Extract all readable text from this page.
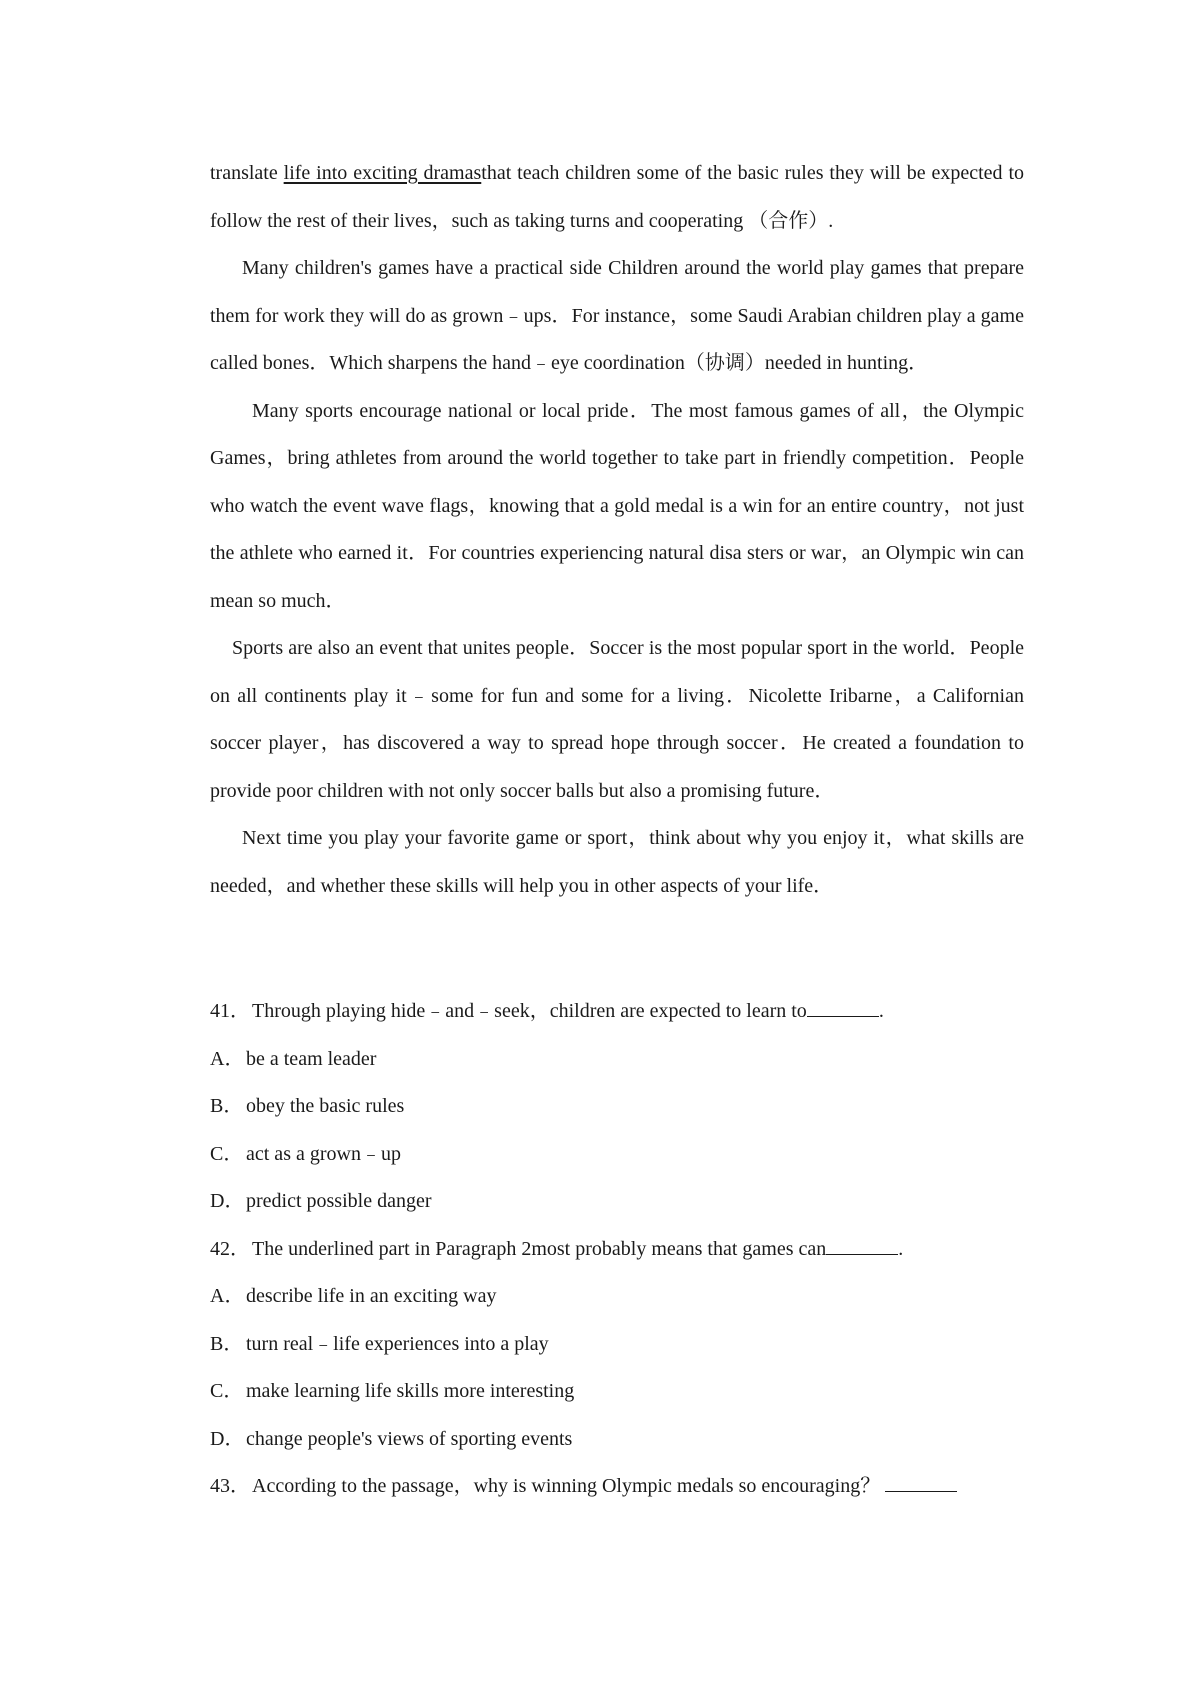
translate life into exciting dramasthat teach children some of the basic rules they will be expected to follow the rest of their lives，such as taking turns and cooperating （合作）.

Many children's games have a practical side Children around the world play games that prepare them for work they will do as grown﹣ups．For instance，some Saudi Arabian children play a game called bones．Which sharpens the hand﹣eye coordination（协调）needed in hunting．

Many sports encourage national or local pride．The most famous games of all，the Olympic Games，bring athletes from around the world together to take part in friendly competition．People who watch the event wave flags，knowing that a gold medal is a win for an entire country，not just the athlete who earned it．For countries experiencing natural disa sters or war，an Olympic win can mean so much．

Sports are also an event that unites people．Soccer is the most popular sport in the world．People on all continents play it﹣some for fun and some for a living．Nicolette Iribarne，a Californian soccer player，has discovered a way to spread hope through soccer．He created a foundation to provide poor children with not only soccer balls but also a promising future．

Next time you play your favorite game or sport，think about why you enjoy it，what skills are needed，and whether these skills will help you in other aspects of your life．

41． Through playing hide﹣and﹣seek，children are expected to learn to	.

A．be a team leader

B． obey the basic rules

C． act as a grown﹣up

D．predict possible danger

42． The underlined part in Paragraph 2most probably means that games can	.

A．describe life in an exciting way

B． turn real﹣life experiences into a play

C． make learning life skills more interesting

D．change people's views of sporting events

43． According to the passage，why is winning Olympic medals so encouraging？
